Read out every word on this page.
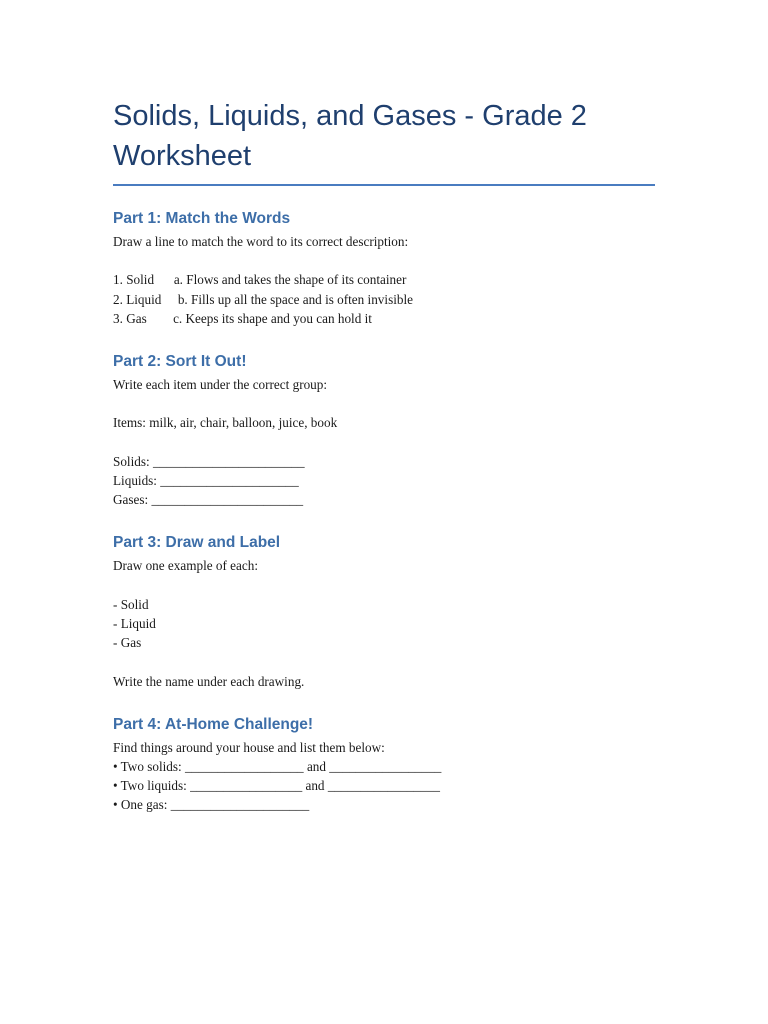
Solids, Liquids, and Gases - Grade 2 Worksheet
Part 1: Match the Words

Draw a line to match the word to its correct description:

1. Solid      a. Flows and takes the shape of its container

2. Liquid     b. Fills up all the space and is often invisible

3. Gas        c. Keeps its shape and you can hold it

Part 2: Sort It Out!

Write each item under the correct group:

Items: milk, air, chair, balloon, juice, book

Solids: _______________________

Liquids: _____________________

Gases: _______________________

Part 3: Draw and Label

Draw one example of each:

- Solid

- Liquid

- Gas

Write the name under each drawing.

Part 4: At-Home Challenge!

Find things around your house and list them below:

• Two solids: __________________ and _________________

• Two liquids: _________________ and _________________

• One gas: _____________________
